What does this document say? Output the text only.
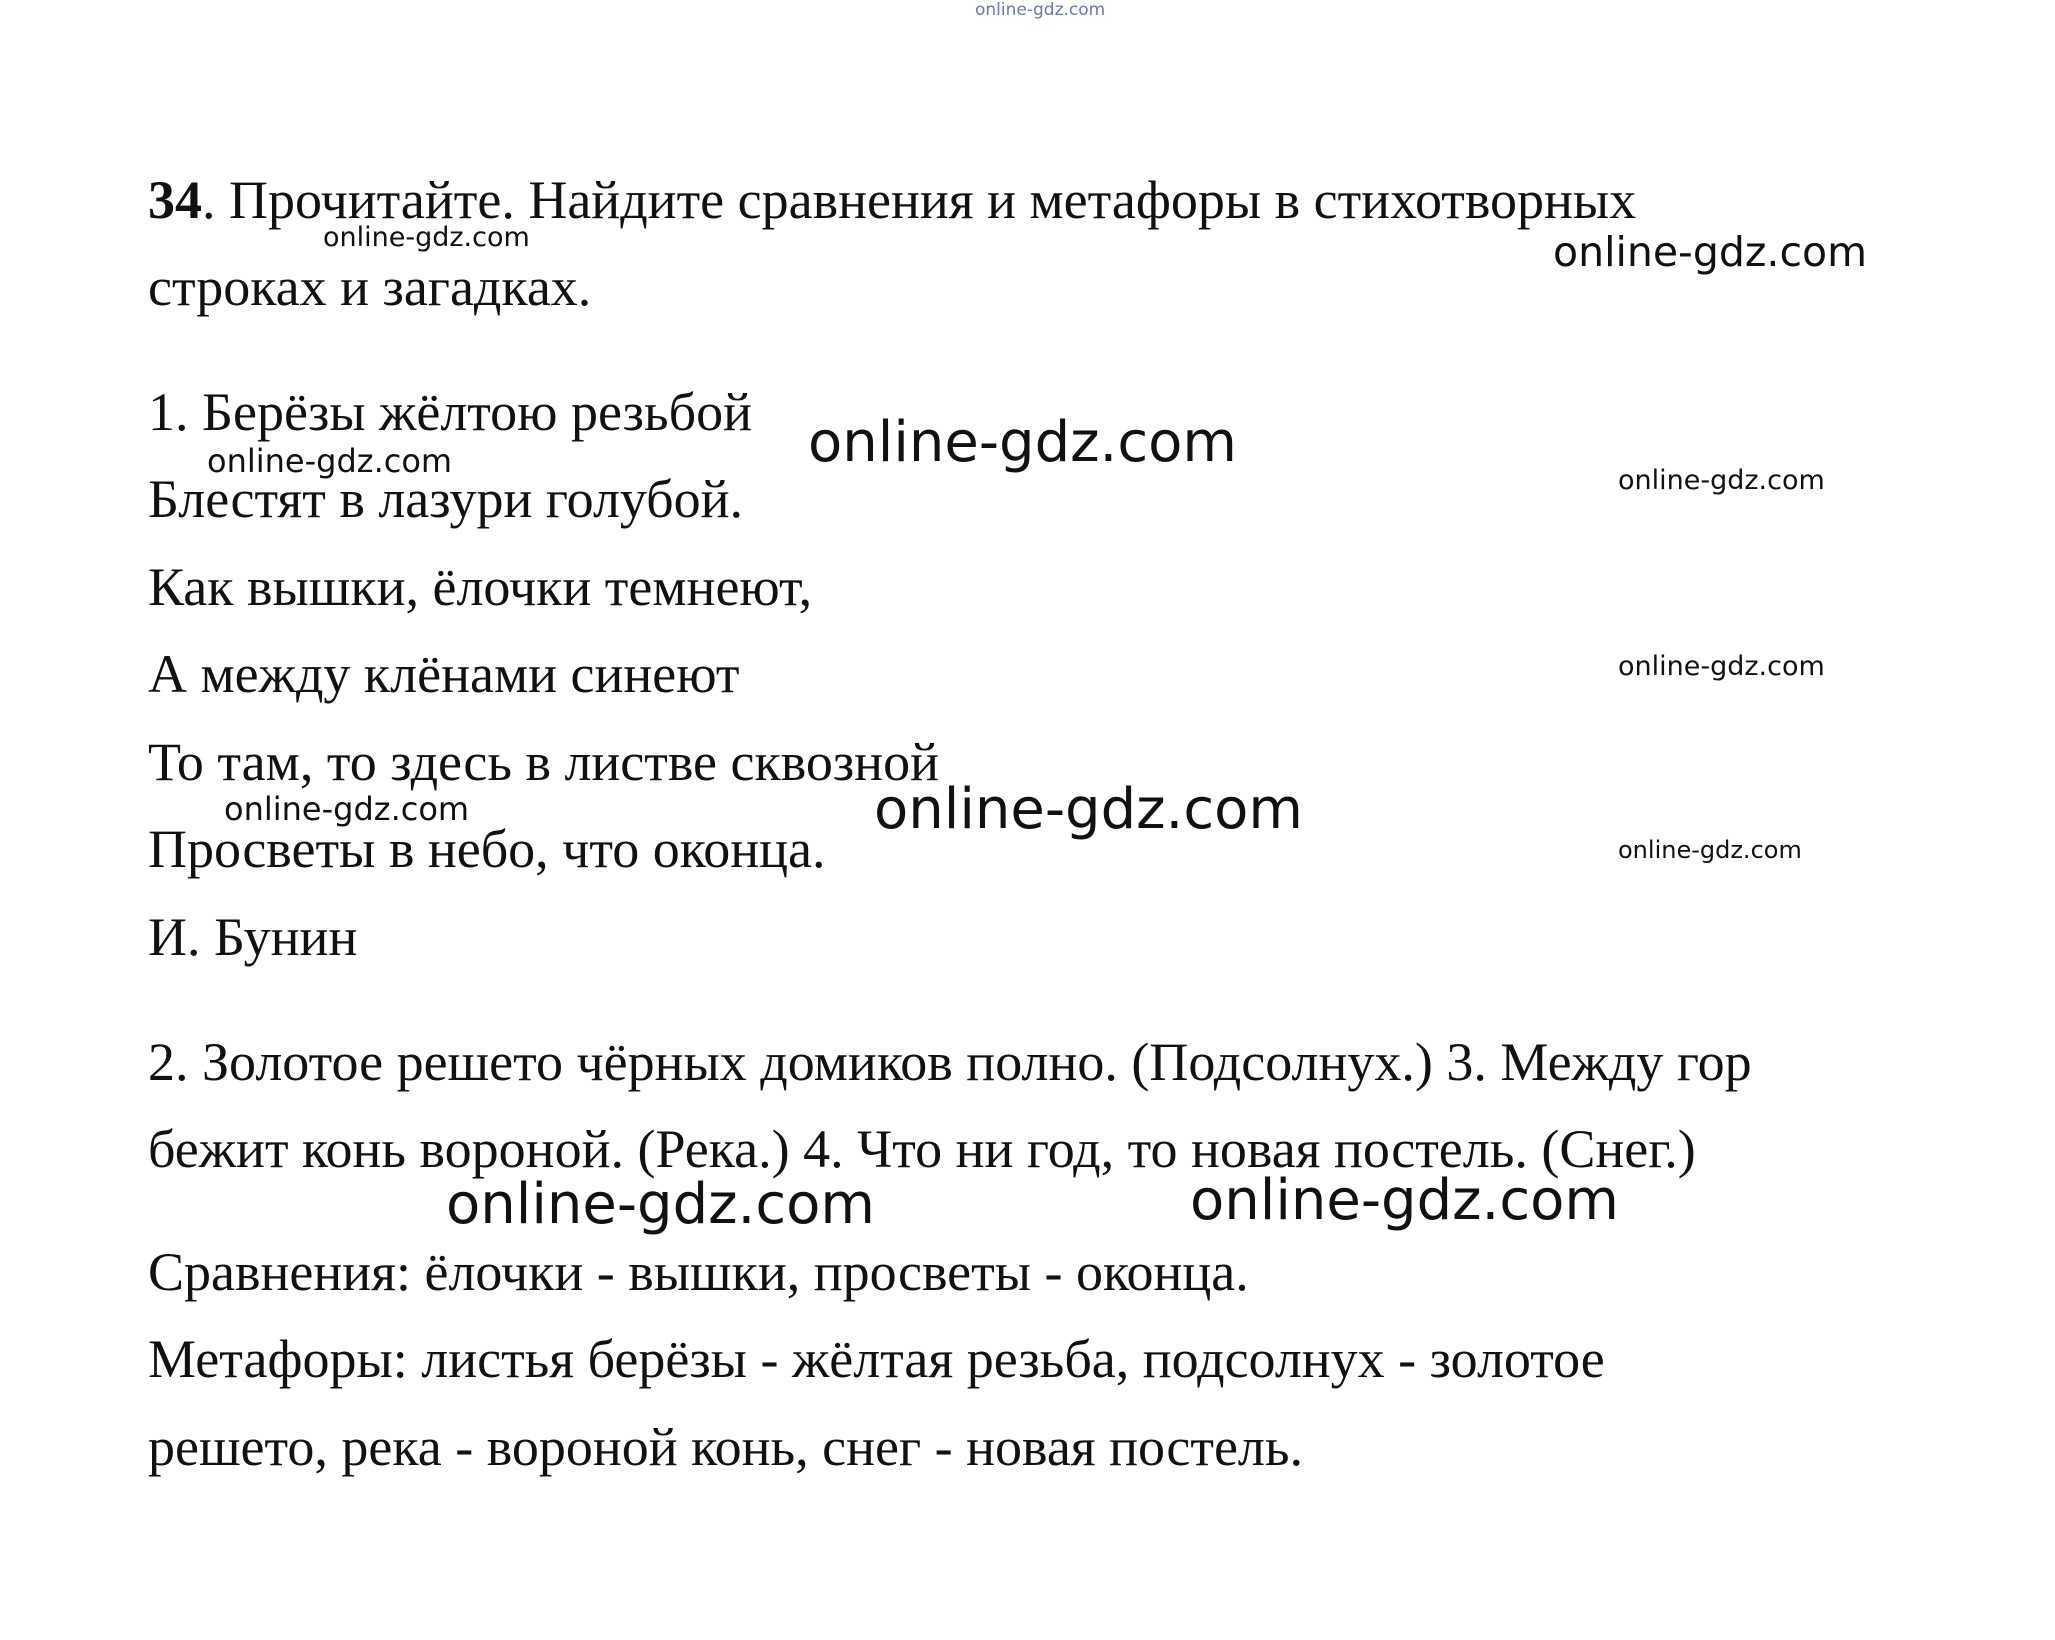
34. Прочитайте. Найдите сравнения и метафоры в стихотворных
строках и загадках.
1. Берёзы жёлтою резьбой
Блестят в лазури голубой.
Как вышки, ёлочки темнеют,
А между клёнами синеют
То там, то здесь в листве сквозной
Просветы в небо, что оконца.
И. Бунин
2. Золотое решето чёрных домиков полно. (Подсолнух.) 3. Между гор
бежит конь вороной. (Река.) 4. Что ни год, то новая постель. (Снег.)
Сравнения: ёлочки - вышки, просветы - оконца.
Метафоры: листья берёзы - жёлтая резьба, подсолнух - золотое
решето, река - вороной конь, снег - новая постель.
online-gdz.com
online-gdz.com	online-gdz.com
online-gdz.com	online-gdz.com
online-gdz.com
online-gdz.com
online-gdz.com	online-gdz.com
online-gdz.com
online-gdz.com	online-gdz.com
